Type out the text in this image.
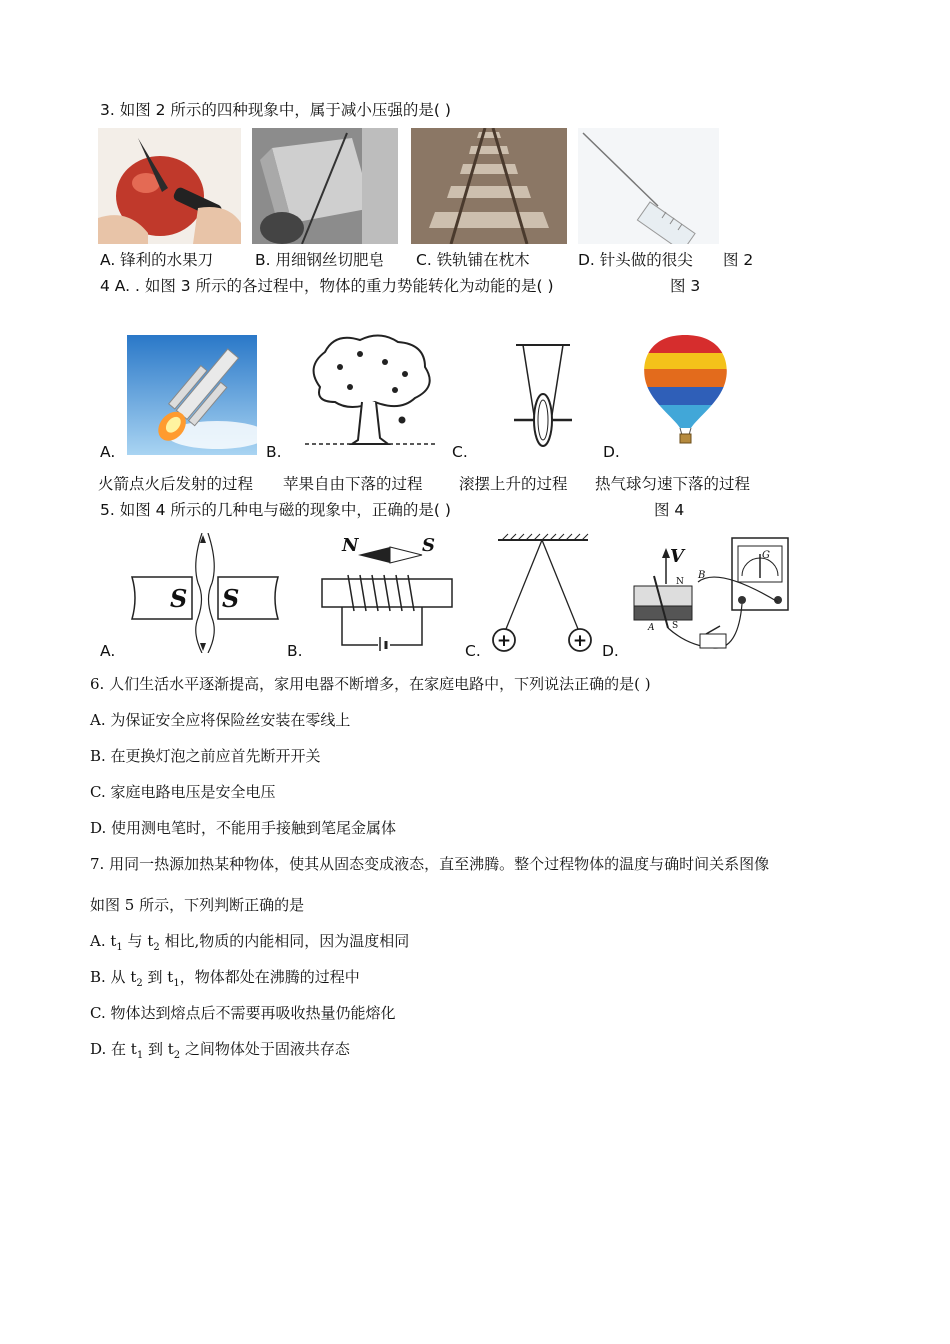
3. 如图 2 所示的四种现象中，属于减小压强的是( )
A. 锋利的水果刀	B. 用细钢丝切肥皂 C. 铁轨铺在枕木	D. 针头做的很尖 图 2
4 A. . 如图 3 所示的各过程中，物体的重力势能转化为动能的是( )	图 3
A.	B.	C.	D.
火箭点火后发射的过程 苹果自由下落的过程 滚摆上升的过程 热气球匀速下落的过程
5. 如图 4 所示的几种电与磁的现象中，正确的是( )	图 4
S S
N	S
+	+
V
N
S
A
B
G
A.	B.	C.	D.
6. 人们生活水平逐渐提高，家用电器不断增多，在家庭电路中，下列说法正确的是( )
A. 为保证安全应将保险丝安装在零线上
B. 在更换灯泡之前应首先断开开关
C. 家庭电路电压是安全电压
D. 使用测电笔时，不能用手接触到笔尾金属体
7. 用同一热源加热某种物体，使其从固态变成液态，直至沸腾。整个过程物体的温度与确时间关系图像
如图 5 所示，下列判断正确的是
A. $t_1$ 与 $t_2$ 相比,物质的内能相同，因为温度相同
B. 从 $t_2$ 到 $t_1$，物体都处在沸腾的过程中
C. 物体达到熔点后不需要再吸收热量仍能熔化
D. 在 $t_1$ 到 $t_2$ 之间物体处于固液共存态
